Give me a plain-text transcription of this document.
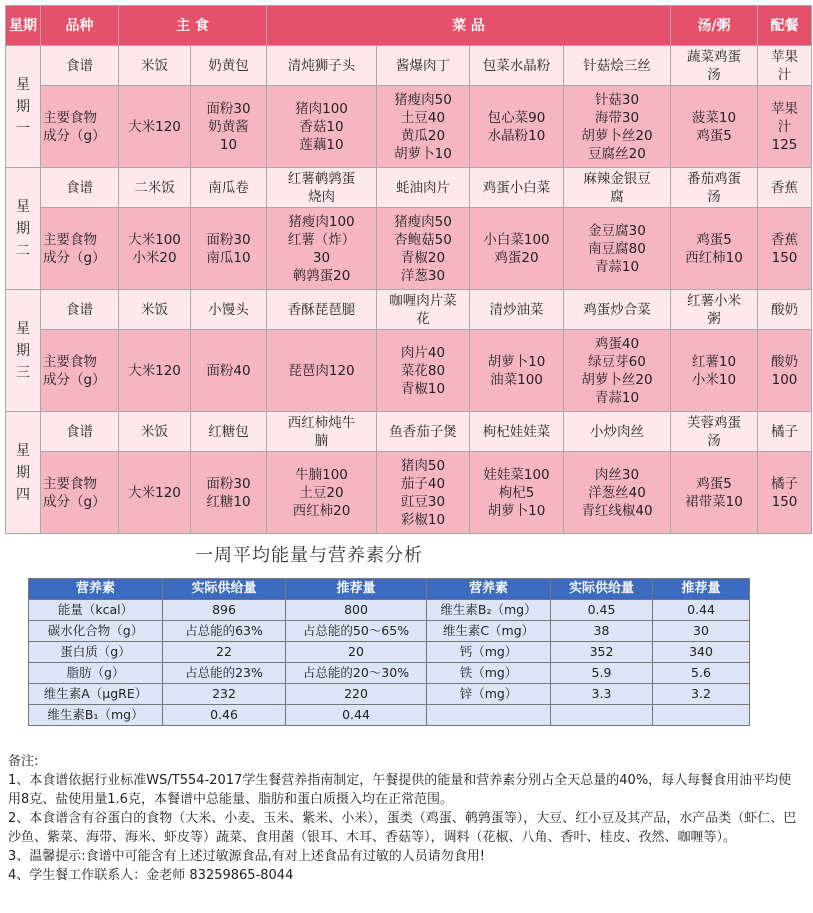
星期	品种	主 食		菜 品				汤/粥	配餐
星
期
一	食谱	米饭	奶黄包	清炖狮子头	酱爆肉丁	包菜水晶粉	针菇烩三丝	蔬菜鸡蛋
汤	苹果
汁
	主要食物
成分（g）	大米120	面粉30
奶黄酱
10	猪肉100
香菇10
莲藕10	猪瘦肉50
土豆40
黄瓜20
胡萝卜10	包心菜90
水晶粉10	针菇30
海带30
胡萝卜丝20
豆腐丝20	菠菜10
鸡蛋5	苹果
汁
125
星
期
二	食谱	二米饭	南瓜卷	红薯鹌鹑蛋
烧肉	蚝油肉片	鸡蛋小白菜	麻辣金银豆
腐	番茄鸡蛋
汤	香蕉
	主要食物
成分（g）	大米100
小米20	面粉30
南瓜10	猪瘦肉100
红薯（炸）
30
鹌鹑蛋20	猪瘦肉50
杏鲍菇50
青椒20
洋葱30	小白菜100
鸡蛋20	金豆腐30
南豆腐80
青蒜10	鸡蛋5
西红柿10	香蕉
150
星
期
三	食谱	米饭	小馒头	香酥琵琶腿	咖喱肉片菜
花	清炒油菜	鸡蛋炒合菜	红薯小米
粥	酸奶
	主要食物
成分（g）	大米120	面粉40	琵琶肉120	肉片40
菜花80
青椒10	胡萝卜10
油菜100	鸡蛋40
绿豆芽60
胡萝卜丝20
青蒜10	红薯10
小米10	酸奶
100
星
期
四	食谱	米饭	红糖包	西红柿炖牛
腩	鱼香茄子煲	枸杞娃娃菜	小炒肉丝	芙蓉鸡蛋
汤	橘子
	主要食物
成分（g）	大米120	面粉30
红糖10	牛腩100
土豆20
西红柿20	猪肉50
茄子40
豇豆30
彩椒10	娃娃菜100
枸杞5
胡萝卜10	肉丝30
洋葱丝40
青红线椒40	鸡蛋5
裙带菜10	橘子
150
一周平均能量与营养素分析
营养素	实际供给量	推荐量	营养素	实际供给量	推荐量
能量（kcal）	896	800	维生素B₂（mg）	0.45	0.44
碳水化合物（g）	占总能的63%	占总能的50～65%	维生素C（mg）	38	30
蛋白质（g）	22	20	钙（mg）	352	340
脂肪（g）	占总能的23%	占总能的20～30%	铁（mg）	5.9	5.6
维生素A（μgRE）	232	220	锌（mg）	3.3	3.2
维生素B₁（mg）	0.46	0.44			

备注:

1、本食谱依据行业标准WS/T554-2017学生餐营养指南制定，午餐提供的能量和营养素分别占全天总量的40%，每人每餐食用油平均使用8克、盐使用量1.6克，本餐谱中总能量、脂肪和蛋白质摄入均在正常范围。

2、本食谱含有谷蛋白的食物（大米、小麦、玉米、紫米、小米），蛋类（鸡蛋、鹌鹑蛋等），大豆、红小豆及其产品，水产品类（虾仁、巴沙鱼、紫菜、海带、海米、虾皮等）蔬菜、食用菌（银耳、木耳、香菇等），调料（花椒、八角、香叶、桂皮、孜然、咖喱等）。

3、温馨提示:食谱中可能含有上述过敏源食品,有对上述食品有过敏的人员请勿食用!

4、学生餐工作联系人：金老师 83259865-8044
